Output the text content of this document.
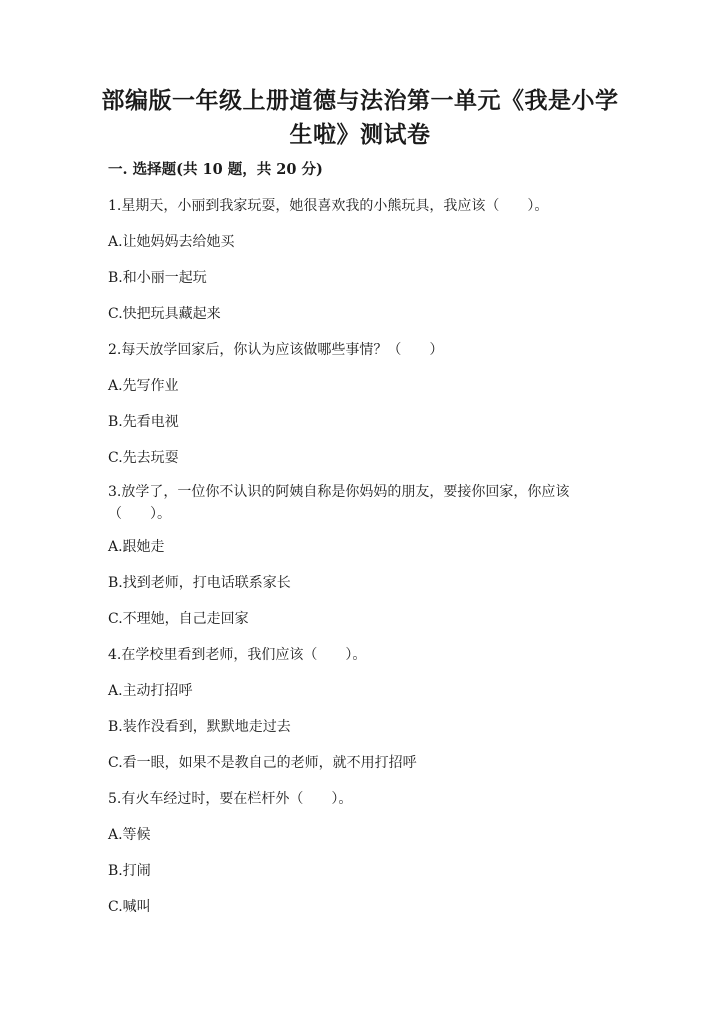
部编版一年级上册道德与法治第一单元《我是小学生啦》测试卷
一. 选择题(共 10 题，共 20 分)
1.星期天，小丽到我家玩耍，她很喜欢我的小熊玩具，我应该（　　）。
A.让她妈妈去给她买
B.和小丽一起玩
C.快把玩具藏起来
2.每天放学回家后，你认为应该做哪些事情？（　　）
A.先写作业
B.先看电视
C.先去玩耍
3.放学了，一位你不认识的阿姨自称是你妈妈的朋友，要接你回家，你应该（　　）。
A.跟她走
B.找到老师，打电话联系家长
C.不理她，自己走回家
4.在学校里看到老师，我们应该（　　）。
A.主动打招呼
B.装作没看到，默默地走过去
C.看一眼，如果不是教自己的老师，就不用打招呼
5.有火车经过时，要在栏杆外（　　）。
A.等候
B.打闹
C.喊叫
